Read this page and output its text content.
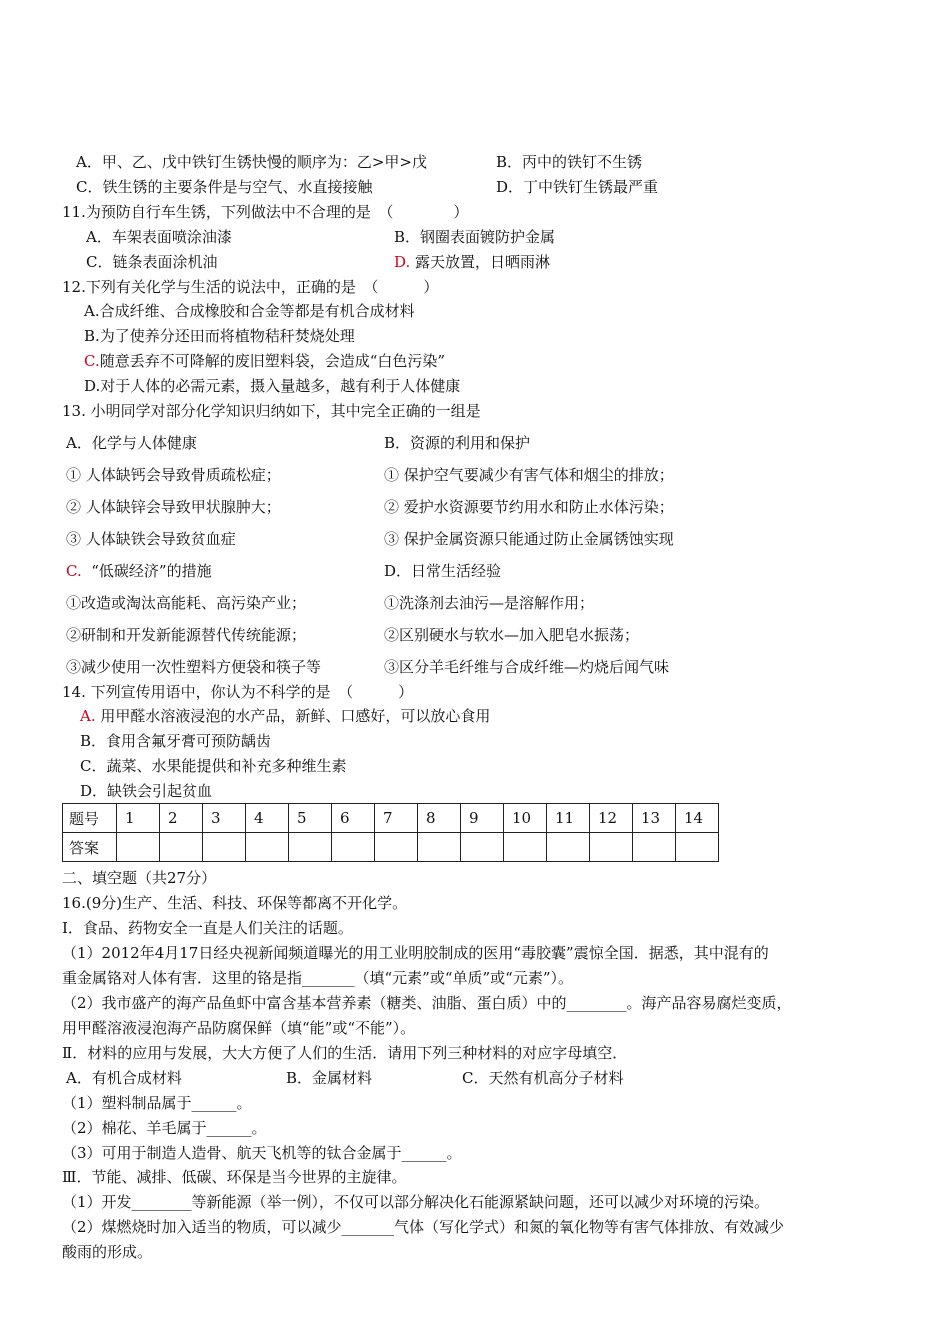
A．甲、乙、戊中铁钉生锈快慢的顺序为：乙>甲>戊	B．丙中的铁钉不生锈
C．铁生锈的主要条件是与空气、水直接接触	D．丁中铁钉生锈最严重
11.为预防自行车生锈，下列做法中不合理的是　（　　　　）
A．车架表面喷涂油漆	B．钢圈表面镀防护金属
C．链条表面涂机油	D. 露天放置，日晒雨淋
12.下列有关化学与生活的说法中，正确的是　（　　　）
A.合成纤维、合成橡胶和合金等都是有机合成材料
B.为了使养分还田而将植物秸秆焚烧处理
C.随意丢弃不可降解的废旧塑料袋，会造成“白色污染”
D.对于人体的必需元素，摄入量越多，越有利于人体健康
13. 小明同学对部分化学知识归纳如下，其中完全正确的一组是
A．化学与人体健康	B．资源的利用和保护
① 人体缺钙会导致骨质疏松症；	① 保护空气要减少有害气体和烟尘的排放；
② 人体缺锌会导致甲状腺肿大；	② 爱护水资源要节约用水和防止水体污染；
③ 人体缺铁会导致贫血症	③ 保护金属资源只能通过防止金属锈蚀实现
C. “低碳经济”的措施	D．日常生活经验
①改造或淘汰高能耗、高污染产业；	①洗涤剂去油污—是溶解作用；
②研制和开发新能源替代传统能源；	②区别硬水与软水—加入肥皂水振荡；
③减少使用一次性塑料方便袋和筷子等	③区分羊毛纤维与合成纤维—灼烧后闻气味
14. 下列宣传用语中，你认为不科学的是　（　　　）
A. 用甲醛水溶液浸泡的水产品，新鲜、口感好，可以放心食用
B．食用含氟牙膏可预防龋齿
C．蔬菜、水果能提供和补充多种维生素
D．缺铁会引起贫血
题号	1	2	3	4	5	6	7	8	9	10	11	12	13	14
答案														
二、填空题（共27分）
16.(9分)生产、生活、科技、环保等都离不开化学。
Ⅰ．食品、药物安全一直是人们关注的话题。
（1）2012年4月17日经央视新闻频道曝光的用工业明胶制成的医用“毒胶囊”震惊全国．据悉，其中混有的
重金属铬对人体有害．这里的铬是指_______（填“元素”或“单质”或“元素”）。
（2）我市盛产的海产品鱼虾中富含基本营养素（糖类、油脂、蛋白质）中的________。海产品容易腐烂变质，
用甲醛溶液浸泡海产品防腐保鲜（填“能”或“不能”）。
Ⅱ．材料的应用与发展，大大方便了人们的生活．请用下列三种材料的对应字母填空．
A．有机合成材料	B．金属材料	C．天然有机高分子材料
（1）塑料制品属于______。
（2）棉花、羊毛属于______。
（3）可用于制造人造骨、航天飞机等的钛合金属于______。
Ⅲ．节能、减排、低碳、环保是当今世界的主旋律。
（1）开发________等新能源（举一例），不仅可以部分解决化石能源紧缺问题，还可以减少对环境的污染。
（2）煤燃烧时加入适当的物质，可以减少_______气体（写化学式）和氮的氧化物等有害气体排放、有效减少
酸雨的形成。
